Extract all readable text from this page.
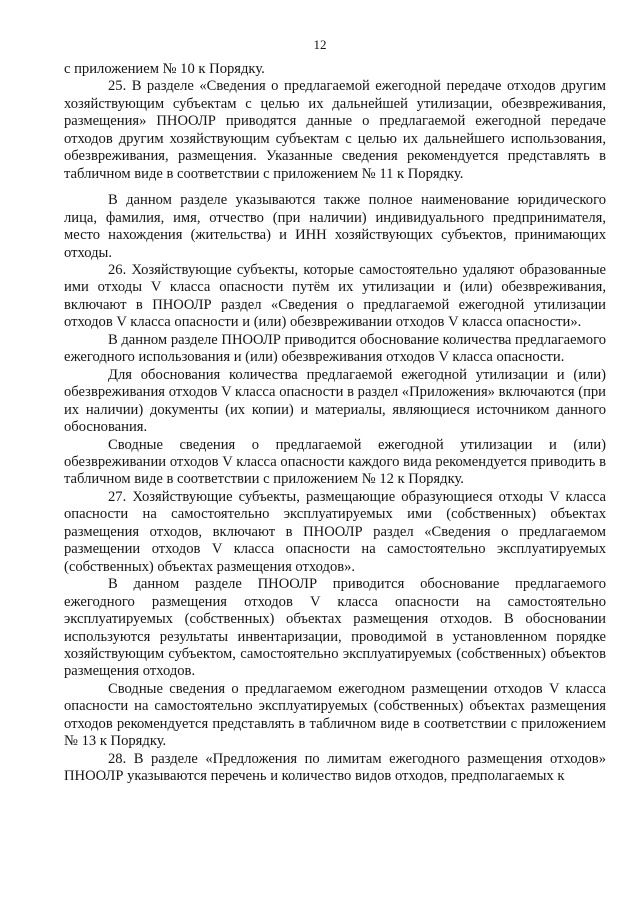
12

с приложением № 10 к Порядку.

25. В разделе «Сведения о предлагаемой ежегодной передаче отходов другим хозяйствующим субъектам с целью их дальнейшей утилизации, обезвреживания, размещения» ПНООЛР приводятся данные о предлагаемой ежегодной передаче отходов другим хозяйствующим субъектам с целью их дальнейшего использования, обезвреживания, размещения. Указанные сведения рекомендуется представлять в табличном виде в соответствии с приложением № 11 к Порядку.

В данном разделе указываются также полное наименование юридического лица, фамилия, имя, отчество (при наличии) индивидуального предпринимателя, место нахождения (жительства) и ИНН хозяйствующих субъектов, принимающих отходы.

26. Хозяйствующие субъекты, которые самостоятельно удаляют образованные ими отходы V класса опасности путём их утилизации и (или) обезвреживания, включают в ПНООЛР раздел «Сведения о предлагаемой ежегодной утилизации отходов V класса опасности и (или) обезвреживании отходов V класса опасности».

В данном разделе ПНООЛР приводится обоснование количества предлагаемого ежегодного использования и (или) обезвреживания отходов V класса опасности.

Для обоснования количества предлагаемой ежегодной утилизации и (или) обезвреживания отходов V класса опасности в раздел «Приложения» включаются (при их наличии) документы (их копии) и материалы, являющиеся источником данного обоснования.

Сводные сведения о предлагаемой ежегодной утилизации и (или) обезвреживании отходов V класса опасности каждого вида рекомендуется приводить в табличном виде в соответствии с приложением № 12 к Порядку.

27. Хозяйствующие субъекты, размещающие образующиеся отходы V класса опасности на самостоятельно эксплуатируемых ими (собственных) объектах размещения отходов, включают в ПНООЛР раздел «Сведения о предлагаемом размещении отходов V класса опасности на самостоятельно эксплуатируемых (собственных) объектах размещения отходов».

В данном разделе ПНООЛР приводится обоснование предлагаемого ежегодного размещения отходов V класса опасности на самостоятельно эксплуатируемых (собственных) объектах размещения отходов. В обосновании используются результаты инвентаризации, проводимой в установленном порядке хозяйствующим субъектом, самостоятельно эксплуатируемых (собственных) объектов размещения отходов.

Сводные сведения о предлагаемом ежегодном размещении отходов V класса опасности на самостоятельно эксплуатируемых (собственных) объектах размещения отходов рекомендуется представлять в табличном виде в соответствии с приложением № 13 к Порядку.

28. В разделе «Предложения по лимитам ежегодного размещения отходов» ПНООЛР указываются перечень и количество видов отходов, предполагаемых к
